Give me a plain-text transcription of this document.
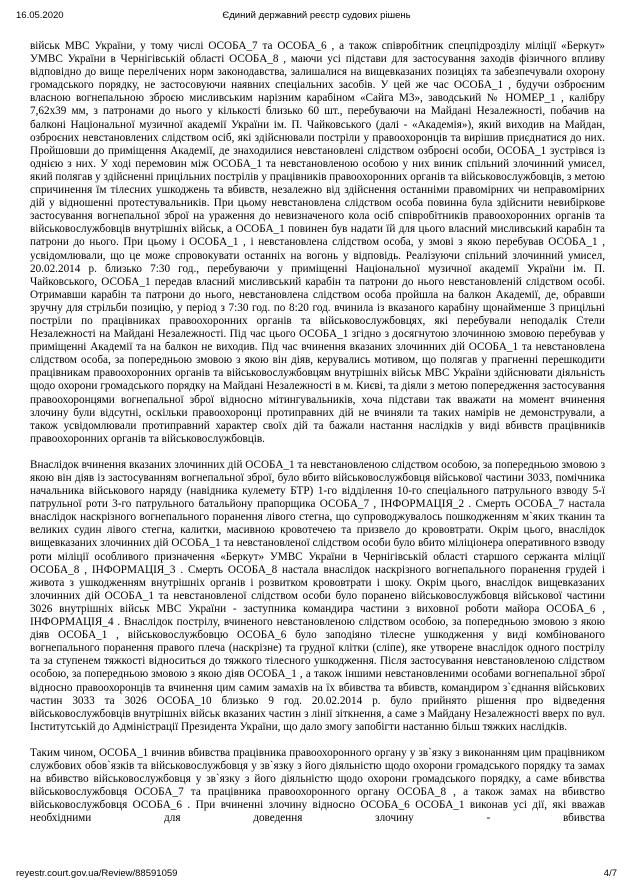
16.05.2020	Єдиний державний реєстр судових рішень

військ МВС України, у тому числі ОСОБА_7 та ОСОБА_6 , а також співробітник спецпідрозділу міліції «Беркут» УМВС України в Чернігівській області ОСОБА_8 , маючи усі підстави для застосування заходів фізичного впливу відповідно до вище перелічених норм законодавства, залишалися на вищевказаних позиціях та забезпечували охорону громадського порядку, не застосовуючи наявних спеціальних засобів. У цей же час ОСОБА_1 , будучи озброєним власною вогнепальною зброєю мисливським нарізним карабіном «Сайга М3», заводський № НОМЕР_1 , калібру 7,62х39 мм, з патронами до нього у кількості близько 60 шт., перебуваючи на Майдані Незалежності, побачив на балконі Національної музичної академії України ім. П. Чайковського (далі - «Академія»), який виходив на Майдан, озброєних невстановлених слідством осіб, які здійснювали постріли у правоохоронців та вирішив приєднатися до них. Пройшовши до приміщення Академії, де знаходилися невстановлені слідством озброєні особи, ОСОБА_1 зустрівся із однією з них. У ході перемовин між ОСОБА_1 та невстановленою особою у них виник спільний злочинний умисел, який полягав у здійсненні прицільних пострілів у працівників правоохоронних органів та військовослужбовців, з метою спричинення їм тілесних ушкоджень та вбивств, незалежно від здійснення останніми правомірних чи неправомірних дій у відношенні протестувальників. При цьому невстановлена слідством особа повинна була здійснити невибіркове застосування вогнепальної зброї на ураження до невизначеного кола осіб співробітників правоохоронних органів та військовослужбовців внутрішніх військ, а ОСОБА_1 повинен був надати їй для цього власний мисливський карабін та патрони до нього. При цьому і ОСОБА_1 , і невстановлена слідством особа, у змові з якою перебував ОСОБА_1 , усвідомлювали, що це може спровокувати останніх на вогонь у відповідь. Реалізуючи спільний злочинний умисел, 20.02.2014 р. близько 7:30 год., перебуваючи у приміщенні Національної музичної академії України ім. П. Чайковського, ОСОБА_1 передав власний мисливський карабін та патрони до нього невстановленій слідством особі. Отримавши карабін та патрони до нього, невстановлена слідством особа пройшла на балкон Академії, де, обравши зручну для стрільби позицію, у період з 7:30 год. по 8:20 год. вчинила із вказаного карабіну щонайменше 3 прицільні постріли по працівниках правоохоронних органів та військовослужбовцях, які перебували неподалік Стели Незалежності на Майдані Незалежності. Під час цього ОСОБА_1 згідно з досягнутою злочинною змовою перебував у приміщенні Академії та на балкон не виходив. Під час вчинення вказаних злочинних дій ОСОБА_1 та невстановлена слідством особа, за попередньою змовою з якою він діяв, керувались мотивом, що полягав у прагненні перешкодити працівникам правоохоронних органів та військовослужбовцям внутрішніх військ МВС України здійснювати діяльність щодо охорони громадського порядку на Майдані Незалежності в м. Києві, та діяли з метою попередження застосування правоохоронцями вогнепальної зброї відносно мітингувальників, хоча підстави так вважати на момент вчинення злочину були відсутні, оскільки правоохоронці протиправних дій не вчиняли та таких намірів не демонстрували, а також усвідомлювали протиправний характер своїх дій та бажали настання наслідків у виді вбивств працівників правоохоронних органів та військовослужбовців.

Внаслідок вчинення вказаних злочинних дій ОСОБА_1 та невстановленою слідством особою, за попередньою змовою з якою він діяв із застосуванням вогнепальної зброї, було вбито військовослужбовця військової частини 3033, помічника начальника військового наряду (навідника кулемету БТР) 1-го відділення 10-го спеціального патрульного взводу 5-ї патрульної роти 3-го патрульного батальйону прапорщика ОСОБА_7 , ІНФОРМАЦІЯ_2 . Смерть ОСОБА_7 настала внаслідок наскрізного вогнепального поранення лівого стегна, що супроводжувалось пошкодженням м`яких тканин та великих судин лівого стегна, калитки, масивною кровотечею та призвело до крововтрати. Окрім цього, внаслідок вищевказаних злочинних дій ОСОБА_1 та невстановленої слідством особи було вбито міліціонера оперативного взводу роти міліції особливого призначення «Беркут» УМВС України в Чернігівській області старшого сержанта міліції ОСОБА_8 , ІНФОРМАЦІЯ_3 . Смерть ОСОБА_8 настала внаслідок наскрізного вогнепального поранення грудей і живота з ушкодженням внутрішніх органів і розвитком крововтрати і шоку. Окрім цього, внаслідок вищевказаних злочинних дій ОСОБА_1 та невстановленої слідством особи було поранено військовослужбовця військової частини 3026 внутрішніх військ МВС України - заступника командира частини з виховної роботи майора ОСОБА_6 , ІНФОРМАЦІЯ_4 . Внаслідок пострілу, вчиненого невстановленою слідством особою, за попередньою змовою з якою діяв ОСОБА_1 , військовослужбовцю ОСОБА_6 було заподіяно тілесне ушкодження у виді комбінованого вогнепального поранення правого плеча (наскрізне) та грудної клітки (сліпе), яке утворене внаслідок одного пострілу та за ступенем тяжкості відноситься до тяжкого тілесного ушкодження. Після застосування невстановленою слідством особою, за попередньою змовою з якою діяв ОСОБА_1 , а також іншими невстановленими особами вогнепальної зброї відносно правоохоронців та вчинення цим самим замахів на їх вбивства та вбивств, командиром з`єднання військових частин 3033 та 3026 ОСОБА_10 близько 9 год. 20.02.2014 р. було прийнято рішення про відведення військовослужбовців внутрішніх військ вказаних частин з лінії зіткнення, а саме з Майдану Незалежності вверх по вул. Інститутській до Адміністрації Президента України, що дало змогу запобігти настанню більш тяжких наслідків.

Таким чином, ОСОБА_1 вчинив вбивства працівника правоохоронного органу у зв`язку з виконанням цим працівником службових обов`язків та військовослужбовця у зв`язку з його діяльністю щодо охорони громадського порядку та замах на вбивство військовослужбовця у зв`язку з його діяльністю щодо охорони громадського порядку, а саме вбивства військовослужбовця ОСОБА_7 та працівника правоохоронного органу ОСОБА_8 , а також замах на вбивство військовослужбовця ОСОБА_6 . При вчиненні злочину відносно ОСОБА_6 ОСОБА_1 виконав усі дії, які вважав необхідними для доведення злочину - вбивства

reyestr.court.gov.ua/Review/88591059	4/7
